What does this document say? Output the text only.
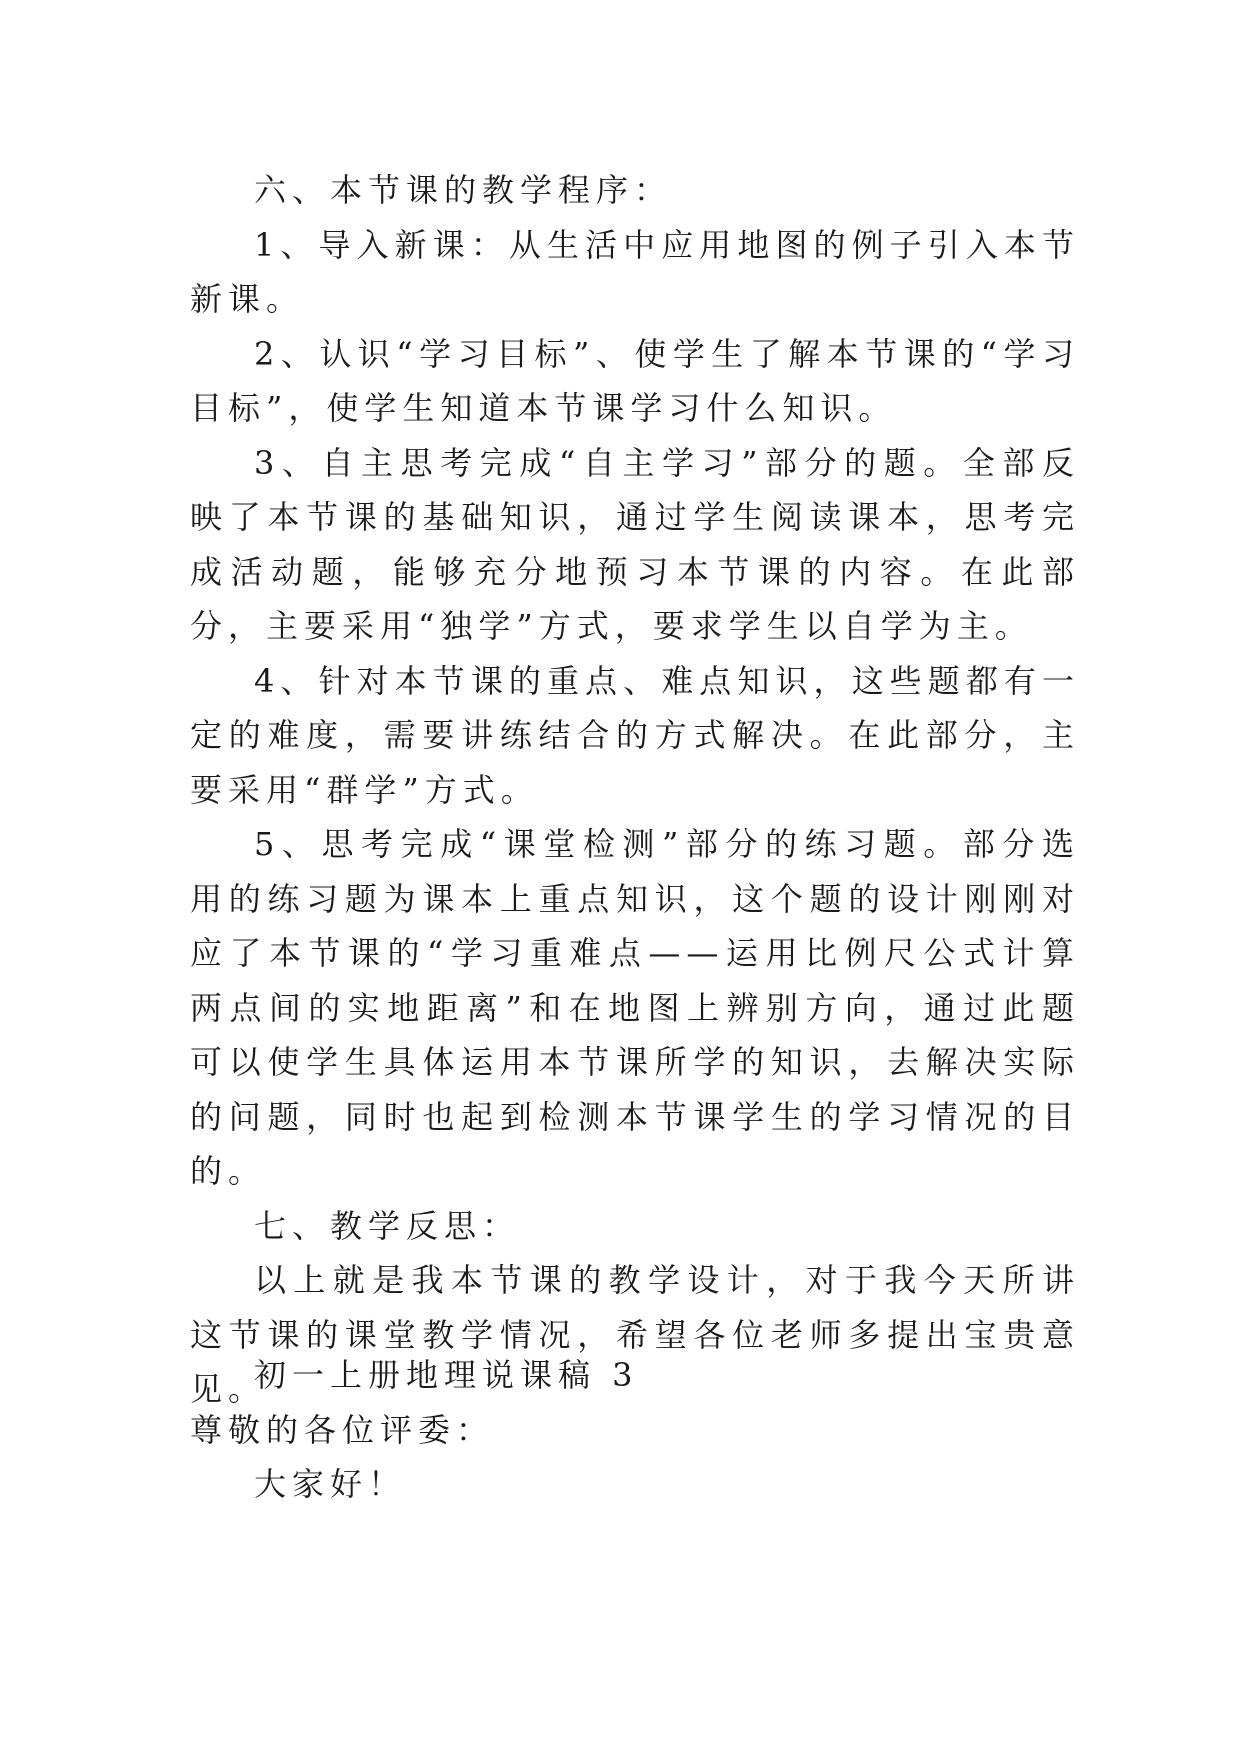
六、本节课的教学程序：

1、导入新课：从生活中应用地图的例子引入本节新课。

2、认识“学习目标”、使学生了解本节课的“学习目标”，使学生知道本节课学习什么知识。

3、自主思考完成“自主学习”部分的题。全部反映了本节课的基础知识，通过学生阅读课本，思考完成活动题，能够充分地预习本节课的内容。在此部分，主要采用“独学”方式，要求学生以自学为主。

4、针对本节课的重点、难点知识，这些题都有一定的难度，需要讲练结合的方式解决。在此部分，主要采用“群学”方式。

5、思考完成“课堂检测”部分的练习题。部分选用的练习题为课本上重点知识，这个题的设计刚刚对应了本节课的“学习重难点——运用比例尺公式计算两点间的实地距离”和在地图上辨别方向，通过此题可以使学生具体运用本节课所学的知识，去解决实际的问题，同时也起到检测本节课学生的学习情况的目的。

七、教学反思：

以上就是我本节课的教学设计，对于我今天所讲这节课的课堂教学情况，希望各位老师多提出宝贵意见。

初一上册地理说课稿 3

尊敬的各位评委：

大家好！
